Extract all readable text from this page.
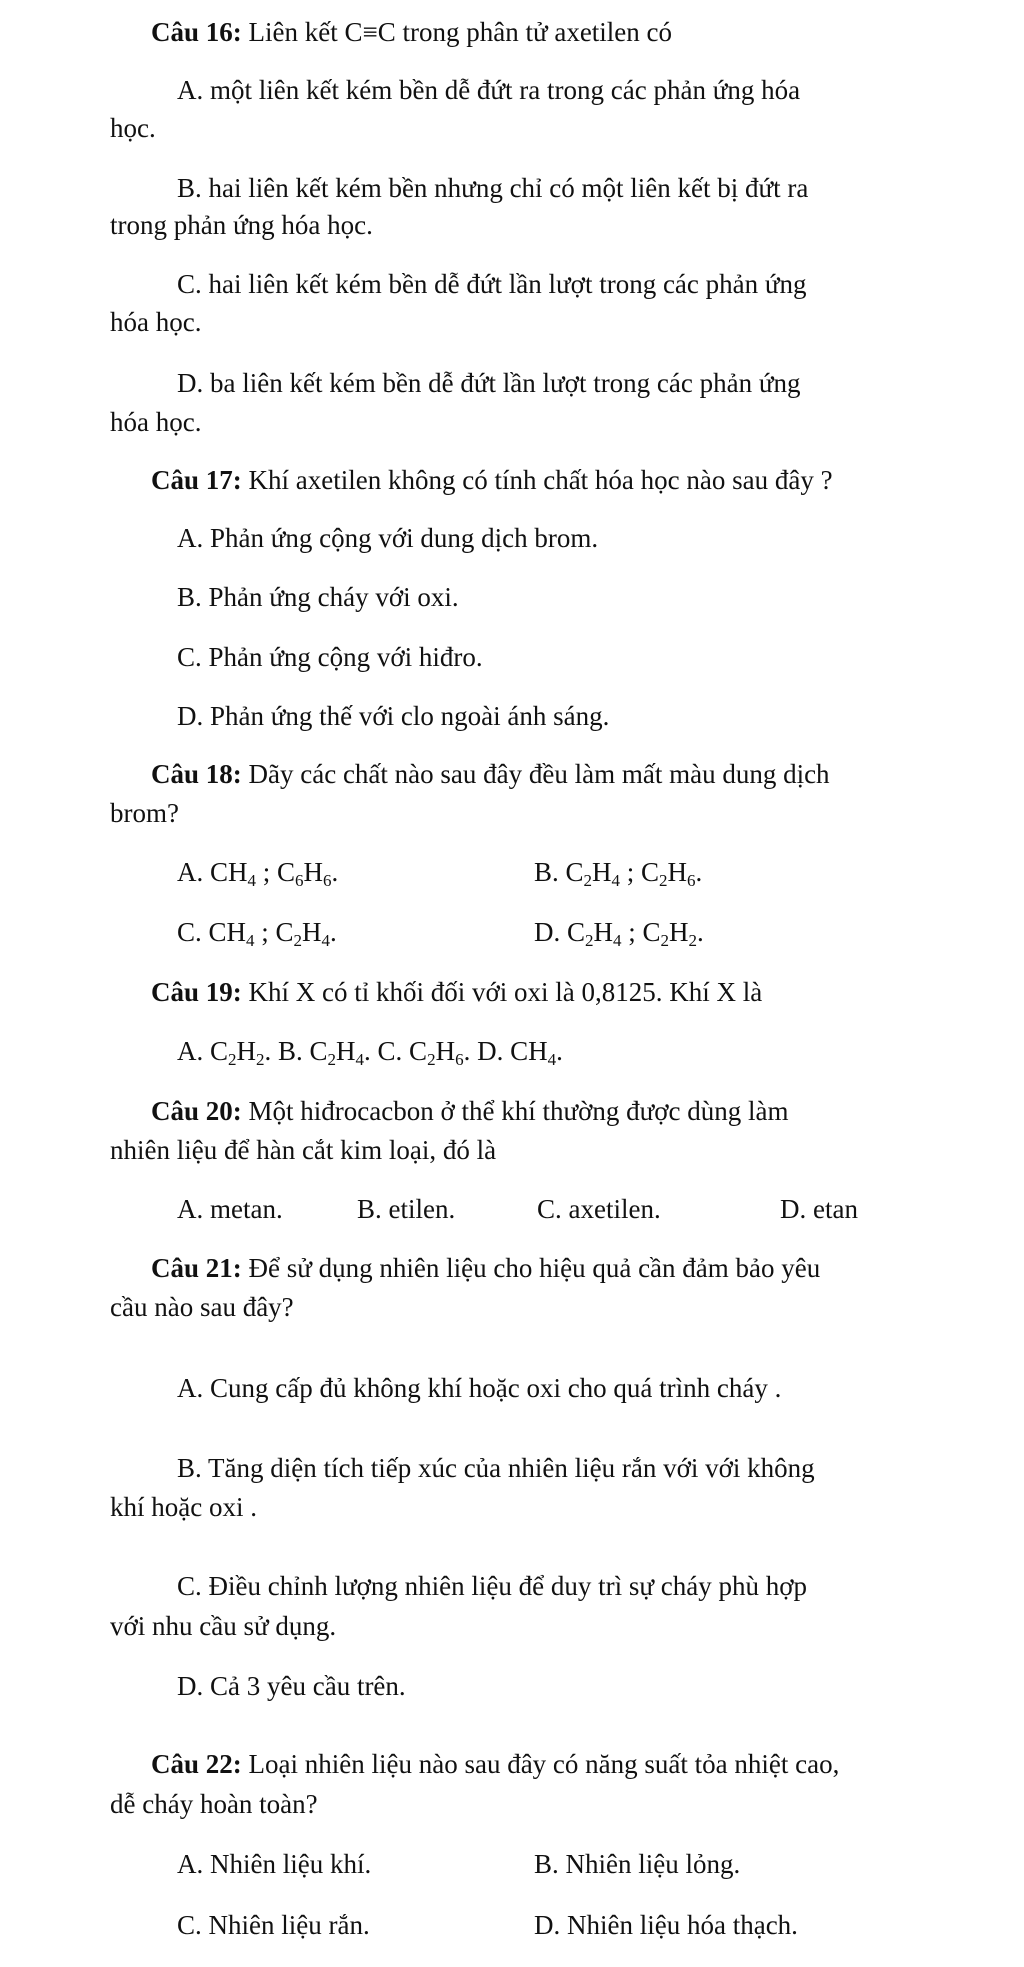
Câu 16: Liên kết C≡C trong phân tử axetilen có
A. một liên kết kém bền dễ đứt ra trong các phản ứng hóa
học.
B. hai liên kết kém bền nhưng chỉ có một liên kết bị đứt ra
trong phản ứng hóa học.
C. hai liên kết kém bền dễ đứt lần lượt trong các phản ứng
hóa học.
D. ba liên kết kém bền dễ đứt lần lượt trong các phản ứng
hóa học.
Câu 17: Khí axetilen không có tính chất hóa học nào sau đây ?
A. Phản ứng cộng với dung dịch brom.
B. Phản ứng cháy với oxi.
C. Phản ứng cộng với hiđro.
D. Phản ứng thế với clo ngoài ánh sáng.
Câu 18: Dãy các chất nào sau đây đều làm mất màu dung dịch
brom?
A. $CH_4$ ; $C_6H_6$.	B. $C_2H_4$ ; $C_2H_6$.
C. $CH_4$ ; $C_2H_4$.	D. $C_2H_4$ ; $C_2H_2$.
Câu 19: Khí X có tỉ khối đối với oxi là 0,8125. Khí X là
A. $C_2H_2$. B. $C_2H_4$. C. $C_2H_6$. D. $CH_4$.
Câu 20: Một hiđrocacbon ở thể khí thường được dùng làm
nhiên liệu để hàn cắt kim loại, đó là
A. metan.	B. etilen.	C. axetilen.	D. etan
Câu 21: Để sử dụng nhiên liệu cho hiệu quả cần đảm bảo yêu
cầu nào sau đây?
A. Cung cấp đủ không khí hoặc oxi cho quá trình cháy .
B. Tăng diện tích tiếp xúc của nhiên liệu rắn với với không
khí hoặc oxi .
C. Điều chỉnh lượng nhiên liệu để duy trì sự cháy phù hợp
với nhu cầu sử dụng.
D. Cả 3 yêu cầu trên.
Câu 22: Loại nhiên liệu nào sau đây có năng suất tỏa nhiệt cao,
dễ cháy hoàn toàn?
A. Nhiên liệu khí.	B. Nhiên liệu lỏng.
C. Nhiên liệu rắn.	D. Nhiên liệu hóa thạch.
